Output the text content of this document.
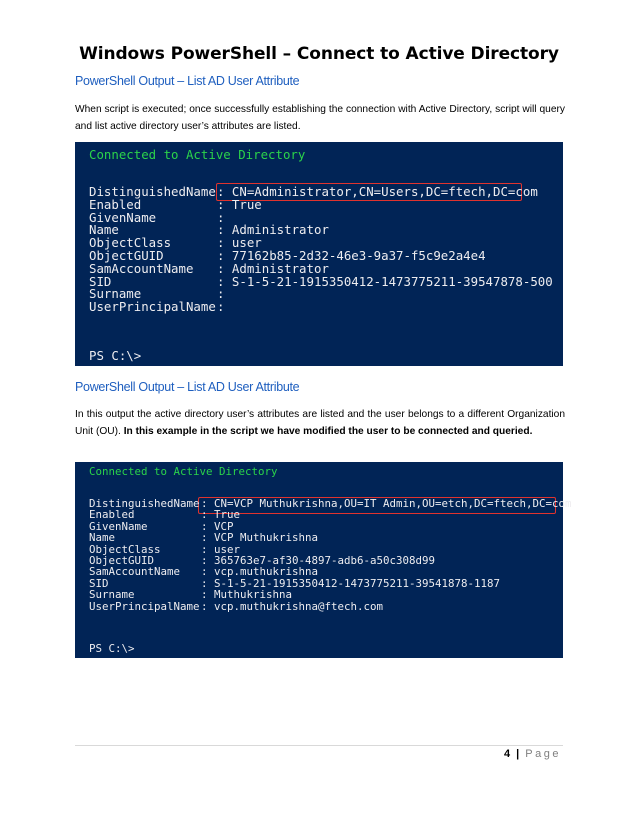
Windows PowerShell – Connect to Active Directory
PowerShell Output – List AD User Attribute
When script is executed; once successfully establishing the connection with Active Directory, script will query and list active directory user’s attributes are listed.
Connected to Active Directory
DistinguishedName: CN=Administrator,CN=Users,DC=ftech,DC=com
Enabled	: True
GivenName	:
Name	: Administrator
ObjectClass	: user
ObjectGUID	: 77162b85-2d32-46e3-9a37-f5c9e2a4e4
SamAccountName : Administrator
SID	: S-1-5-21-1915350412-1473775211-39547878-500
Surname	:
UserPrincipalName:
PS C:\>
PowerShell Output – List AD User Attribute
In this output the active directory user’s attributes are listed and the user belongs to a different Organization Unit (OU). In this example in the script we have modified the user to be connected and queried.
Connected to Active Directory
DistinguishedName: CN=VCP Muthukrishna,OU=IT Admin,OU=etch,DC=ftech,DC=com
Enabled	: True
GivenName	: VCP
Name	: VCP Muthukrishna
ObjectClass	: user
ObjectGUID	: 365763e7-af30-4897-adb6-a50c308d99
SamAccountName : vcp.muthukrishna
SID	: S-1-5-21-1915350412-1473775211-39541878-1187
Surname	: Muthukrishna
UserPrincipalName: vcp.muthukrishna@ftech.com
PS C:\>
4 | Page
